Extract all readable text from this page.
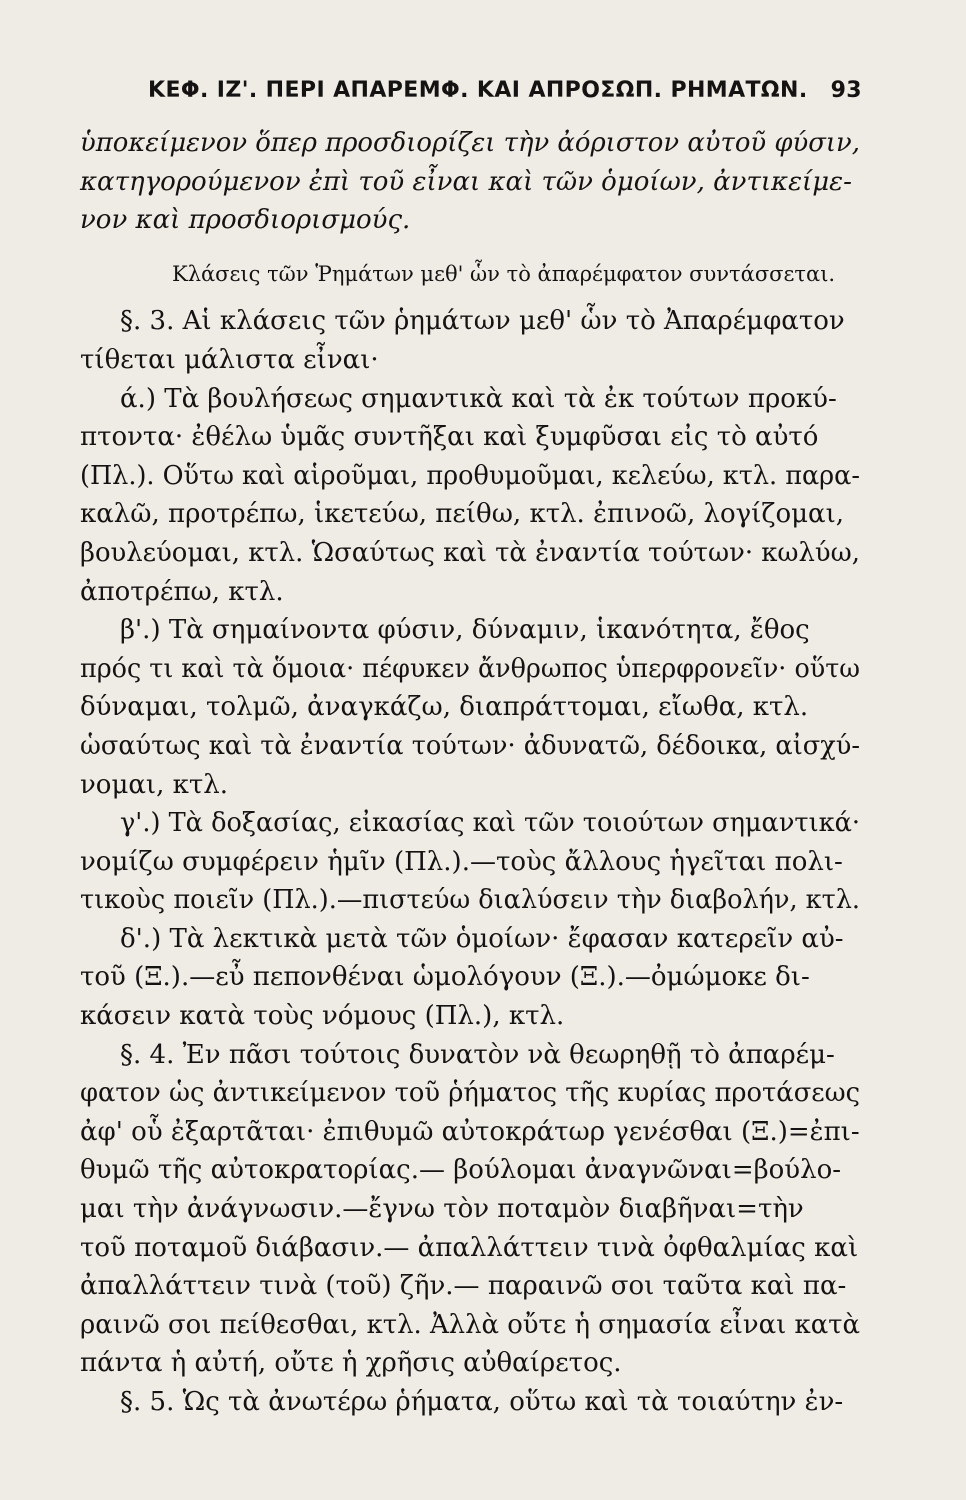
ΚΕΦ. ΙΖ'. ΠΕΡΙ ΑΠΑΡΕΜΦ. ΚΑΙ ΑΠΡΟΣΩΠ. ΡΗΜΑΤΩΝ. 93
ὑποκείμενον ὅπερ προσδιορίζει τὴν ἀόριστον αὐτοῦ φύσιν,
κατηγορούμενον ἐπὶ τοῦ εἶναι καὶ τῶν ὁμοίων, ἀντικείμε-
νον καὶ προσδιορισμούς.
Κλάσεις τῶν Ῥημάτων μεθ' ὧν τὸ ἀπαρέμφατον συντάσσεται.
§. 3. Αἱ κλάσεις τῶν ῥημάτων μεθ' ὧν τὸ Ἀπαρέμφατον
τίθεται μάλιστα εἶναι·
ά.) Τὰ βουλήσεως σημαντικὰ καὶ τὰ ἐκ τούτων προκύ-
πτοντα· ἐθέλω ὑμᾶς συντῆξαι καὶ ξυμφῦσαι εἰς τὸ αὐτό
(Πλ.). Οὕτω καὶ αἱροῦμαι, προθυμοῦμαι, κελεύω, κτλ. παρα-
καλῶ, προτρέπω, ἱκετεύω, πείθω, κτλ. ἐπινοῶ, λογίζομαι,
βουλεύομαι, κτλ. Ὡσαύτως καὶ τὰ ἐναντία τούτων· κωλύω,
ἀποτρέπω, κτλ.
β'.) Τὰ σημαίνοντα φύσιν, δύναμιν, ἱκανότητα, ἔθος
πρός τι καὶ τὰ ὅμοια· πέφυκεν ἄνθρωπος ὑπερφρονεῖν· οὕτω
δύναμαι, τολμῶ, ἀναγκάζω, διαπράττομαι, εἴωθα, κτλ.
ὡσαύτως καὶ τὰ ἐναντία τούτων· ἀδυνατῶ, δέδοικα, αἰσχύ-
νομαι, κτλ.
γ'.) Τὰ δοξασίας, εἰκασίας καὶ τῶν τοιούτων σημαντικά·
νομίζω συμφέρειν ἡμῖν (Πλ.).—τοὺς ἄλλους ἡγεῖται πολι-
τικοὺς ποιεῖν (Πλ.).—πιστεύω διαλύσειν τὴν διαβολήν, κτλ.
δ'.) Τὰ λεκτικὰ μετὰ τῶν ὁμοίων· ἔφασαν κατερεῖν αὐ-
τοῦ (Ξ.).—εὖ πεπονθέναι ὡμολόγουν (Ξ.).—ὀμώμοκε δι-
κάσειν κατὰ τοὺς νόμους (Πλ.), κτλ.
§. 4. Ἐν πᾶσι τούτοις δυνατὸν νὰ θεωρηθῇ τὸ ἀπαρέμ-
φατον ὡς ἀντικείμενον τοῦ ῥήματος τῆς κυρίας προτάσεως
ἀφ' οὗ ἐξαρτᾶται· ἐπιθυμῶ αὐτοκράτωρ γενέσθαι (Ξ.)=ἐπι-
θυμῶ τῆς αὐτοκρατορίας.— βούλομαι ἀναγνῶναι=βούλο-
μαι τὴν ἀνάγνωσιν.—ἔγνω τὸν ποταμὸν διαβῆναι=τὴν
τοῦ ποταμοῦ διάβασιν.— ἀπαλλάττειν τινὰ ὀφθαλμίας καὶ
ἀπαλλάττειν τινὰ (τοῦ) ζῆν.— παραινῶ σοι ταῦτα καὶ πα-
ραινῶ σοι πείθεσθαι, κτλ. Ἀλλὰ οὔτε ἡ σημασία εἶναι κατὰ
πάντα ἡ αὐτή, οὔτε ἡ χρῆσις αὐθαίρετος.
§. 5. Ὡς τὰ ἀνωτέρω ῥήματα, οὕτω καὶ τὰ τοιαύτην ἐν-
